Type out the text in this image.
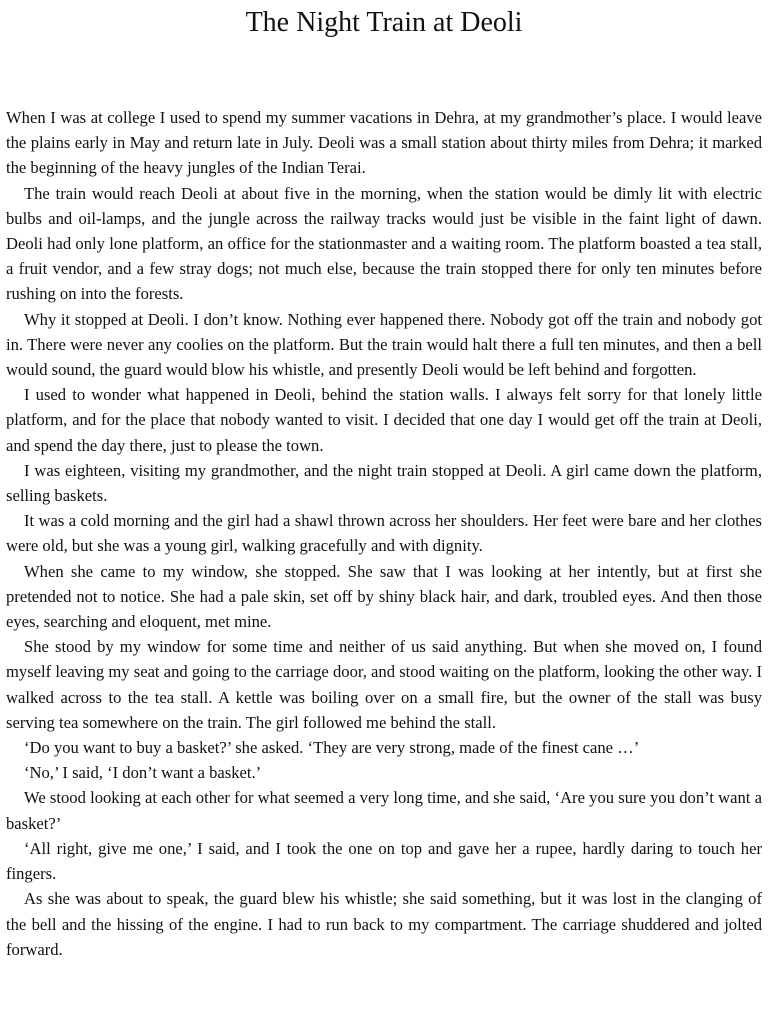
The Night Train at Deoli

When I was at college I used to spend my summer vacations in Dehra, at my grandmother’s place. I would leave the plains early in May and return late in July. Deoli was a small station about thirty miles from Dehra; it marked the beginning of the heavy jungles of the Indian Terai.

The train would reach Deoli at about five in the morning, when the station would be dimly lit with electric bulbs and oil-lamps, and the jungle across the railway tracks would just be visible in the faint light of dawn. Deoli had only lone platform, an office for the stationmaster and a waiting room. The platform boasted a tea stall, a fruit vendor, and a few stray dogs; not much else, because the train stopped there for only ten minutes before rushing on into the forests.

Why it stopped at Deoli. I don’t know. Nothing ever happened there. Nobody got off the train and nobody got in. There were never any coolies on the platform. But the train would halt there a full ten minutes, and then a bell would sound, the guard would blow his whistle, and presently Deoli would be left behind and forgotten.

I used to wonder what happened in Deoli, behind the station walls. I always felt sorry for that lonely little platform, and for the place that nobody wanted to visit. I decided that one day I would get off the train at Deoli, and spend the day there, just to please the town.

I was eighteen, visiting my grandmother, and the night train stopped at Deoli. A girl came down the platform, selling baskets.

It was a cold morning and the girl had a shawl thrown across her shoulders. Her feet were bare and her clothes were old, but she was a young girl, walking gracefully and with dignity.

When she came to my window, she stopped. She saw that I was looking at her intently, but at first she pretended not to notice. She had a pale skin, set off by shiny black hair, and dark, troubled eyes. And then those eyes, searching and eloquent, met mine.

She stood by my window for some time and neither of us said anything. But when she moved on, I found myself leaving my seat and going to the carriage door, and stood waiting on the platform, looking the other way. I walked across to the tea stall. A kettle was boiling over on a small fire, but the owner of the stall was busy serving tea somewhere on the train. The girl followed me behind the stall.

‘Do you want to buy a basket?’ she asked. ‘They are very strong, made of the finest cane …’

‘No,’ I said, ‘I don’t want a basket.’

We stood looking at each other for what seemed a very long time, and she said, ‘Are you sure you don’t want a basket?’

‘All right, give me one,’ I said, and I took the one on top and gave her a rupee, hardly daring to touch her fingers.

As she was about to speak, the guard blew his whistle; she said something, but it was lost in the clanging of the bell and the hissing of the engine. I had to run back to my compartment. The carriage shuddered and jolted forward.
